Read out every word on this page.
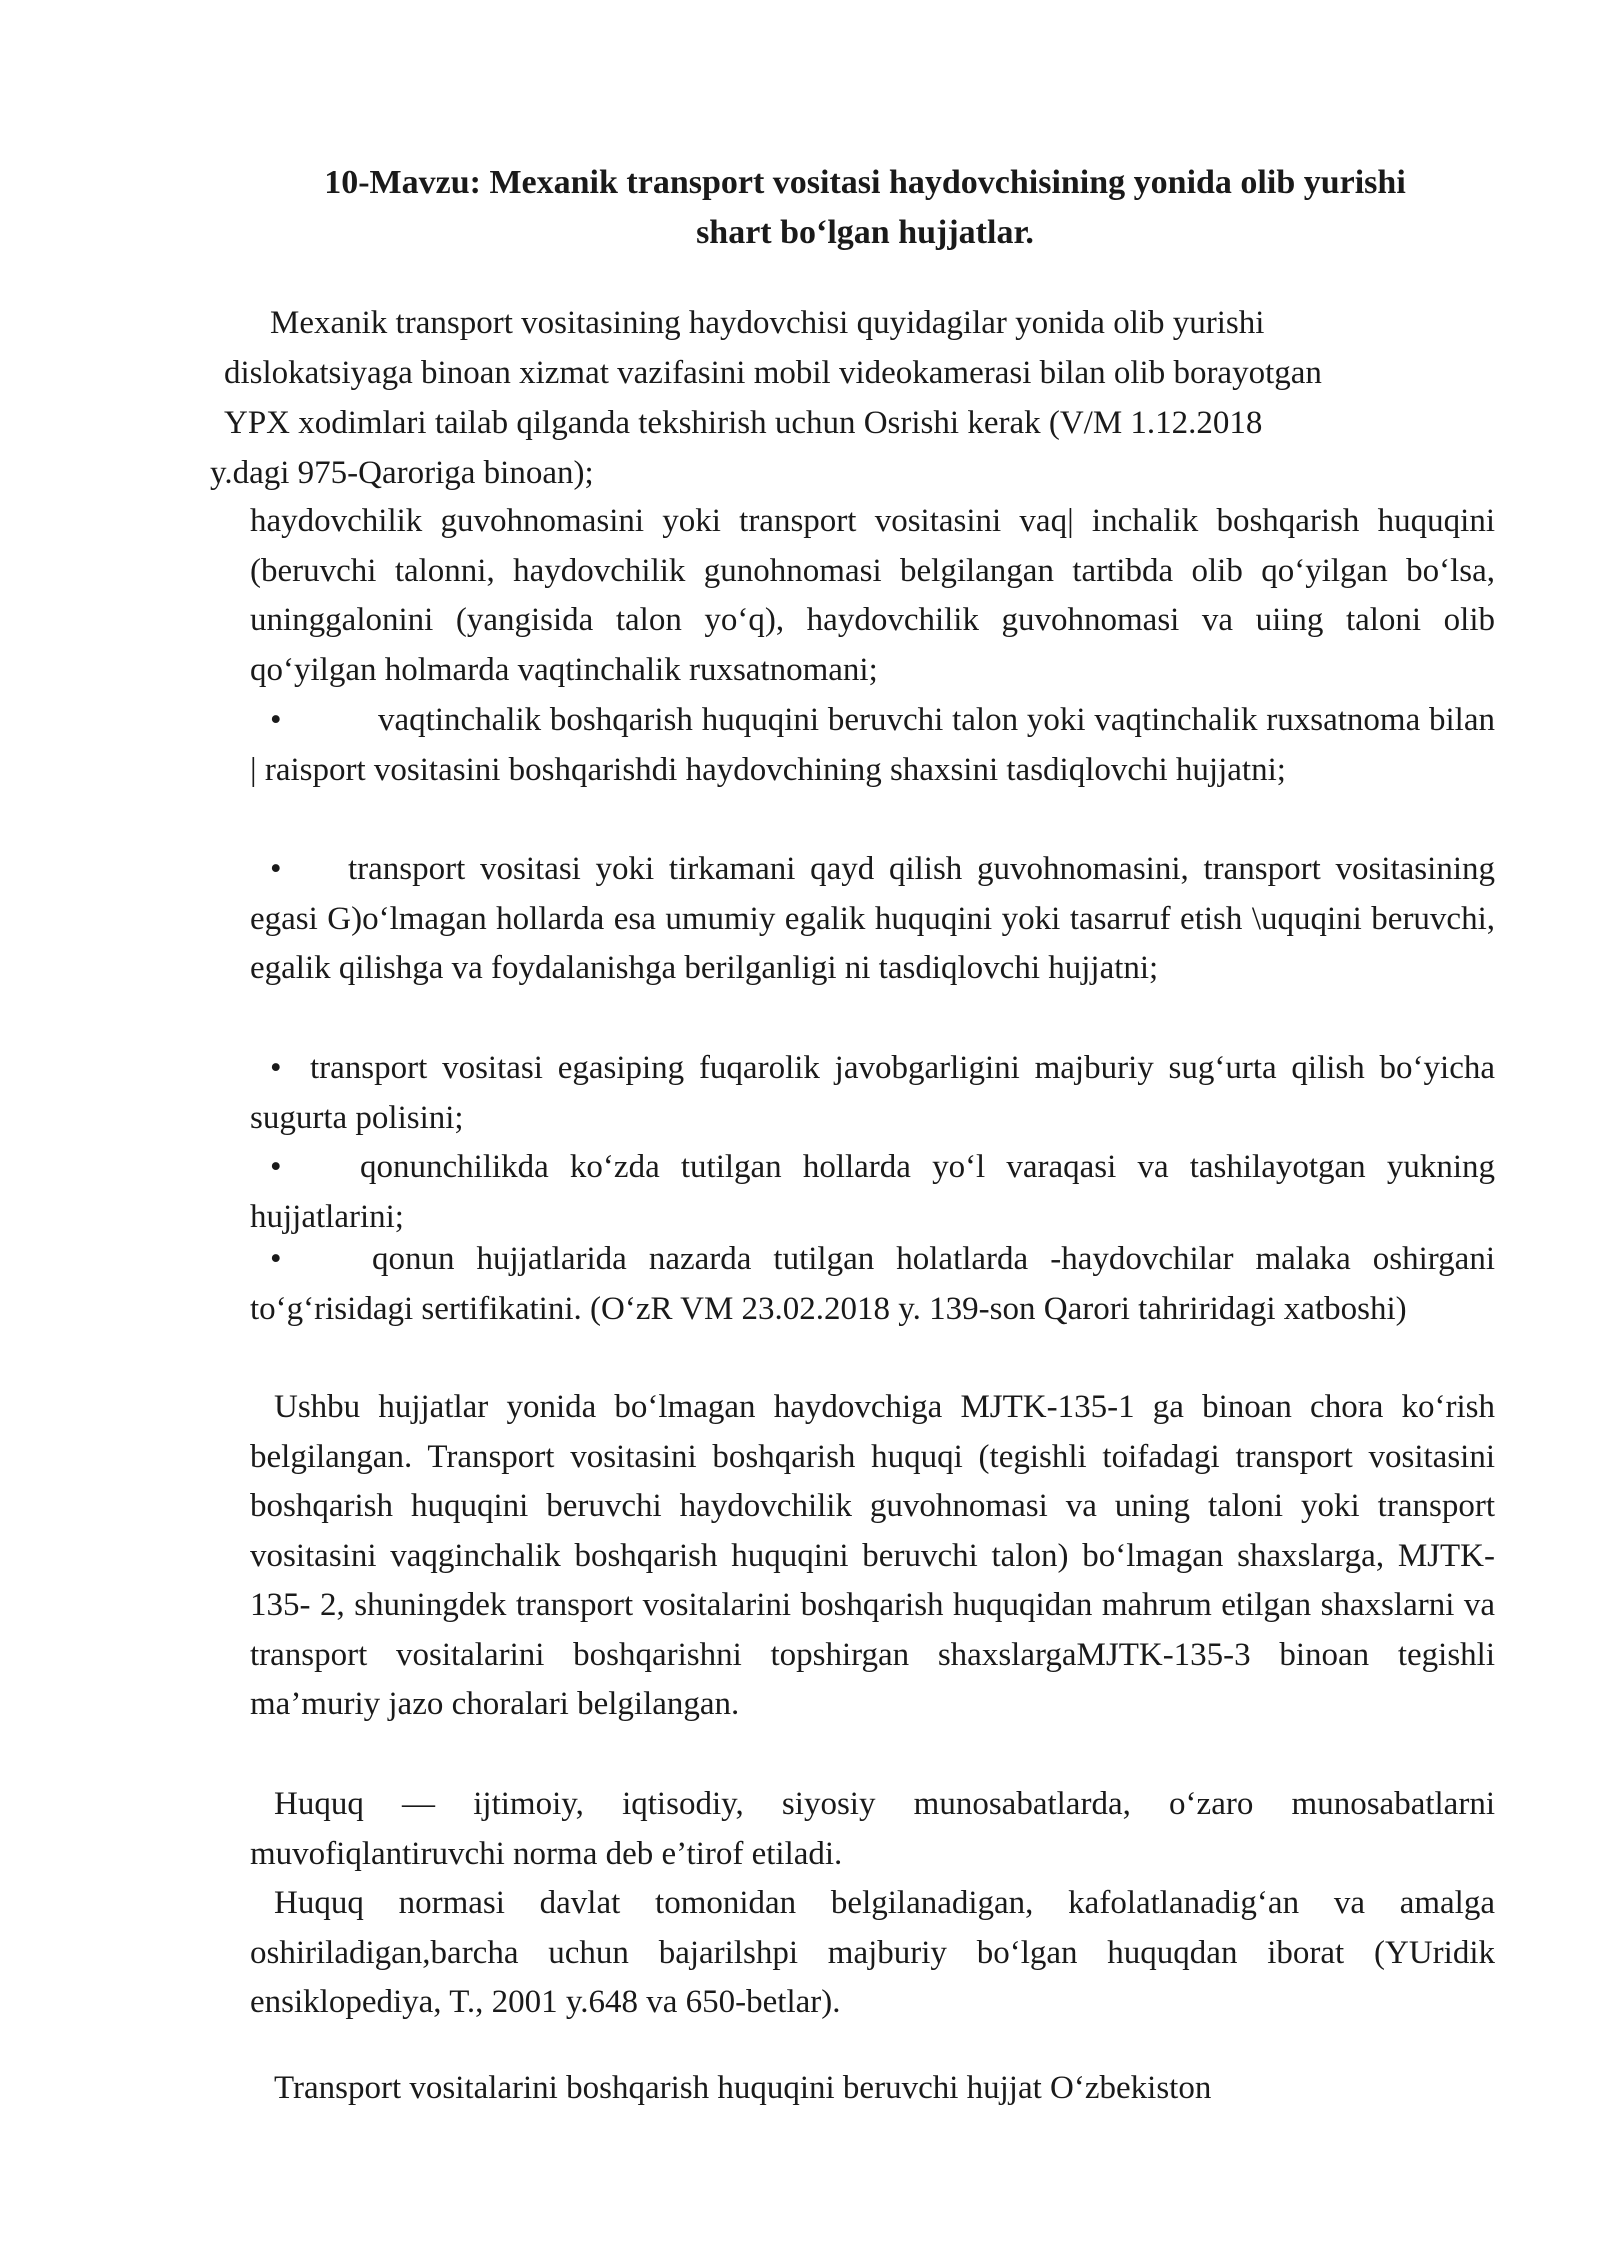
10-Mavzu: Mexanik transport vositasi haydovchisining yonida olib yurishi
shart bo‘lgan hujjatlar.
Mexanik transport vositasining haydovchisi quyidagilar yonida olib yurishi
dislokatsiyaga binoan xizmat vazifasini mobil videokamerasi bilan olib borayotgan
YPX xodimlari tailab qilganda tekshirish uchun Osrishi kerak (V/M 1.12.2018
y.dagi 975-Qaroriga binoan);
haydovchilik guvohnomasini yoki transport vositasini vaq| inchalik boshqarish huquqini (beruvchi talonni, haydovchilik gunohnomasi belgilangan tartibda olib qo‘yilgan bo‘lsa, uninggalonini (yangisida talon yo‘q), haydovchilik guvohnomasi va uiing taloni olib qo‘yilgan holmarda vaqtinchalik ruxsatnomani;
•	vaqtinchalik boshqarish huquqini beruvchi talon yoki vaqtinchalik ruxsatnoma bilan | raisport vositasini boshqarishdi haydovchining shaxsini tasdiqlovchi hujjatni;
• transport vositasi yoki tirkamani qayd qilish guvohnomasini, transport vositasining egasi G)o‘lmagan hollarda esa umumiy egalik huquqini yoki tasarruf etish \uquqini beruvchi, egalik qilishga va foydalanishga berilganligi ni tasdiqlovchi hujjatni;
• transport vositasi egasiping fuqarolik javobgarligini majburiy sug‘urta qilish bo‘yicha sugurta polisini;
• qonunchilikda ko‘zda tutilgan hollarda yo‘l varaqasi va tashilayotgan yukning hujjatlarini;
•	qonun hujjatlarida nazarda tutilgan holatlarda -haydovchilar malaka oshirgani to‘g‘risidagi sertifikatini. (O‘zR VM 23.02.2018 y. 139-son Qarori tahriridagi xatboshi)
Ushbu hujjatlar yonida bo‘lmagan haydovchiga MJTK-135-1 ga binoan chora ko‘rish belgilangan. Transport vositasini boshqarish huquqi (tegishli toifadagi transport vositasini boshqarish huquqini beruvchi haydovchilik guvohnomasi va uning taloni yoki transport vositasini vaqginchalik boshqarish huquqini beruvchi talon) bo‘lmagan shaxslarga, MJTK-135- 2, shuningdek transport vositalarini boshqarish huquqidan mahrum etilgan shaxslarni va transport vositalarini boshqarishni topshirgan shaxslargaMJTK-135-3 binoan tegishli ma’muriy jazo choralari belgilangan.
Huquq — ijtimoiy, iqtisodiy, siyosiy munosabatlarda, o‘zaro munosabatlarni muvofiqlantiruvchi norma deb e’tirof etiladi.
Huquq normasi davlat tomonidan belgilanadigan, kafolatlanadig‘an va amalga oshiriladigan,barcha uchun bajarilshpi majburiy bo‘lgan huquqdan iborat (YUridik ensiklopediya, T., 2001 y.648 va 650-betlar).
Transport vositalarini boshqarish huquqini beruvchi hujjat O‘zbekiston
